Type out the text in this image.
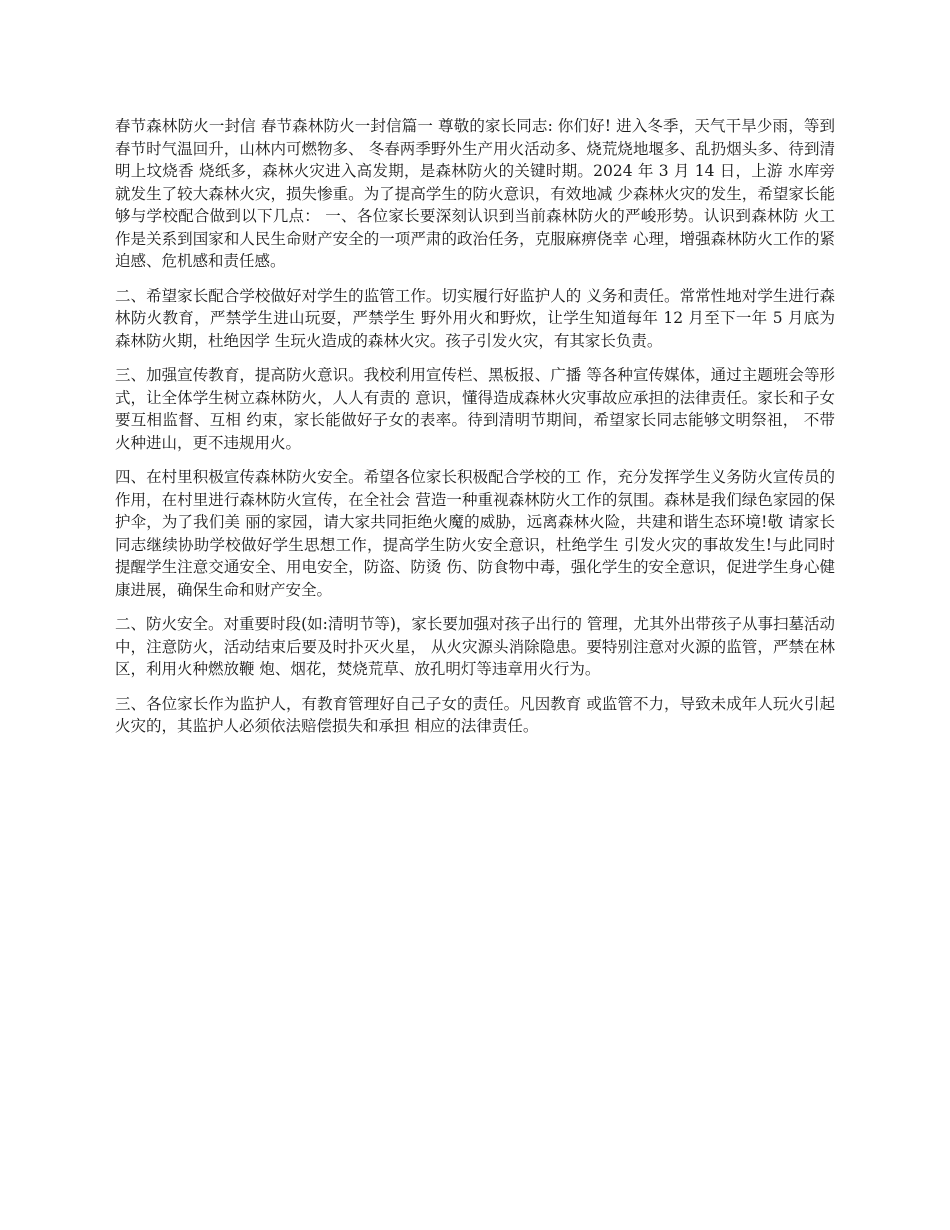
春节森林防火一封信 春节森林防火一封信篇一 尊敬的家长同志: 你们好! 进入冬季，天气干旱少雨，等到春节时气温回升，山林内可燃物多、 冬春两季野外生产用火活动多、烧荒烧地堰多、乱扔烟头多、待到清明上坟烧香 烧纸多，森林火灾进入高发期，是森林防火的关键时期。2024 年 3 月 14 日，上游 水库旁就发生了较大森林火灾，损失惨重。为了提高学生的防火意识，有效地减 少森林火灾的发生，希望家长能够与学校配合做到以下几点： 一、各位家长要深刻认识到当前森林防火的严峻形势。认识到森林防 火工作是关系到国家和人民生命财产安全的一项严肃的政治任务，克服麻痹侥幸 心理，增强森林防火工作的紧迫感、危机感和责任感。

二、希望家长配合学校做好对学生的监管工作。切实履行好监护人的 义务和责任。常常性地对学生进行森林防火教育，严禁学生进山玩耍，严禁学生 野外用火和野炊，让学生知道每年 12 月至下一年 5 月底为森林防火期，杜绝因学 生玩火造成的森林火灾。孩子引发火灾，有其家长负责。

三、加强宣传教育，提高防火意识。我校利用宣传栏、黑板报、广播 等各种宣传媒体，通过主题班会等形式，让全体学生树立森林防火，人人有责的 意识，懂得造成森林火灾事故应承担的法律责任。家长和子女要互相监督、互相 约束，家长能做好子女的表率。待到清明节期间，希望家长同志能够文明祭祖， 不带火种进山，更不违规用火。

四、在村里积极宣传森林防火安全。希望各位家长积极配合学校的工 作，充分发挥学生义务防火宣传员的作用，在村里进行森林防火宣传，在全社会 营造一种重视森林防火工作的氛围。森林是我们绿色家园的保护伞，为了我们美 丽的家园，请大家共同拒绝火魔的威胁，远离森林火险，共建和谐生态环境!敬 请家长同志继续协助学校做好学生思想工作，提高学生防火安全意识，杜绝学生 引发火灾的事故发生!与此同时提醒学生注意交通安全、用电安全，防盗、防烫 伤、防食物中毒，强化学生的安全意识，促进学生身心健康进展，确保生命和财产安全。

二、防火安全。对重要时段(如:清明节等)，家长要加强对孩子出行的 管理，尤其外出带孩子从事扫墓活动中，注意防火，活动结束后要及时扑灭火星， 从火灾源头消除隐患。要特别注意对火源的监管，严禁在林区，利用火种燃放鞭 炮、烟花，焚烧荒草、放孔明灯等违章用火行为。

三、各位家长作为监护人，有教育管理好自己子女的责任。凡因教育 或监管不力，导致未成年人玩火引起火灾的，其监护人必须依法赔偿损失和承担 相应的法律责任。
